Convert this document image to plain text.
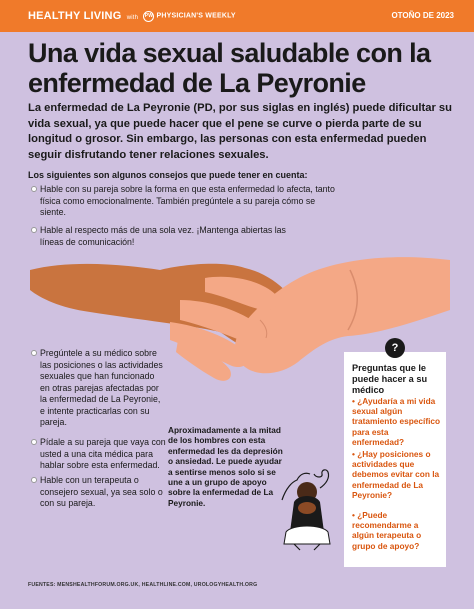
HEALTHY LIVING with PW PHYSICIAN'S WEEKLY	OTOÑO DE 2023
Una vida sexual saludable con la enfermedad de La Peyronie
La enfermedad de La Peyronie (PD, por sus siglas en inglés) puede dificultar su vida sexual, ya que puede hacer que el pene se curve o pierda parte de su longitud o grosor. Sin embargo, las personas con esta enfermedad pueden seguir disfrutando tener relaciones sexuales.
Los siguientes son algunos consejos que puede tener en cuenta:
Hable con su pareja sobre la forma en que esta enfermedad lo afecta, tanto física como emocionalmente. También pregúntele a su pareja cómo se siente.
Hable al respecto más de una sola vez. ¡Mantenga abiertas las líneas de comunicación!
Pregúntele a su médico sobre las posiciones o las actividades sexuales que han funcionado en otras parejas afectadas por la enfermedad de La Peyronie, e intente practicarlas con su pareja.
Pídale a su pareja que vaya con usted a una cita médica para hablar sobre esta enfermedad.
Hable con un terapeuta o consejero sexual, ya sea solo o con su pareja.
Aproximadamente a la mitad de los hombres con esta enfermedad les da depresión o ansiedad. Le puede ayudar a sentirse menos solo si se une a un grupo de apoyo sobre la enfermedad de La Peyronie.
?
Preguntas que le puede hacer a su médico
• ¿Ayudaría a mi vida sexual algún tratamiento específico para esta enfermedad?
• ¿Hay posiciones o actividades que debemos evitar con la enfermedad de La Peyronie?
• ¿Puede recomendarme a algún terapeuta o grupo de apoyo?
FUENTES: MENSHEALTHFORUM.ORG.UK, HEALTHLINE.COM, UROLOGYHEALTH.ORG
